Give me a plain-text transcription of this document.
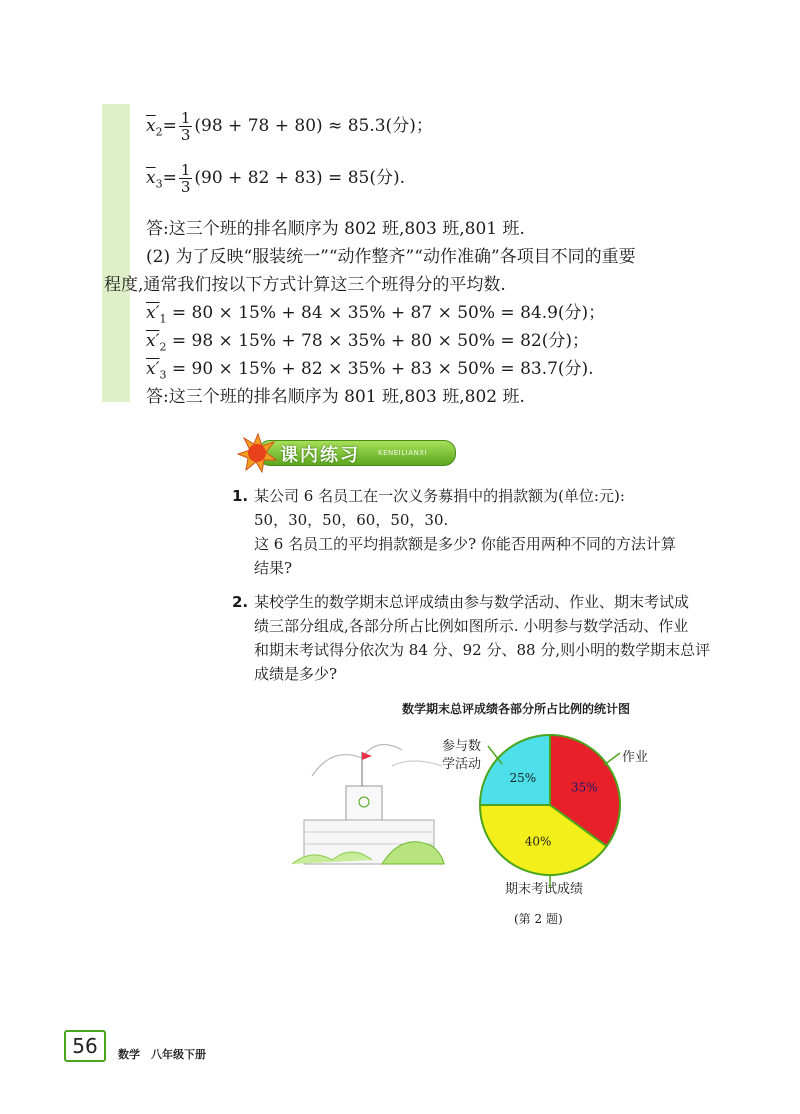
$\overline{x}_2= \frac{1}{3} (98 + 78 + 80) \approx 85.3$(分)；
$\overline{x}_3= \frac{1}{3} (90 + 82 + 83) = 85$(分).
答:这三个班的排名顺序为 802 班,803 班,801 班.
(2) 为了反映“服装统一”“动作整齐”“动作准确”各项目不同的重要
程度,通常我们按以下方式计算这三个班得分的平均数.
$x'_1 = 80 \times 15\% + 84 \times 35\% + 87 \times 50\% = 84.9$(分)；
$x'_2 = 98 \times 15\% + 78 \times 35\% + 80 \times 50\% = 82$(分)；
$x'_3 = 90 \times 15\% + 82 \times 35\% + 83 \times 50\% = 83.7$(分).
答:这三个班的排名顺序为 801 班,803 班,802 班.
课内练习	KENEILIANXI
1. 某公司 6 名员工在一次义务募捐中的捐款额为(单位:元):
50，30，50，60，50，30.
这 6 名员工的平均捐款额是多少? 你能否用两种不同的方法计算
结果?
2. 某校学生的数学期末总评成绩由参与数学活动、作业、期末考试成
绩三部分组成,各部分所占比例如图所示. 小明参与数学活动、作业
和期末考试得分依次为 84 分、92 分、88 分,则小明的数学期末总评
成绩是多少?
数学期末总评成绩各部分所占比例的统计图
35%
40%
25%
期末考试成绩
作业
参与数
学活动
(第 2 题)
56	数学　八年级下册
